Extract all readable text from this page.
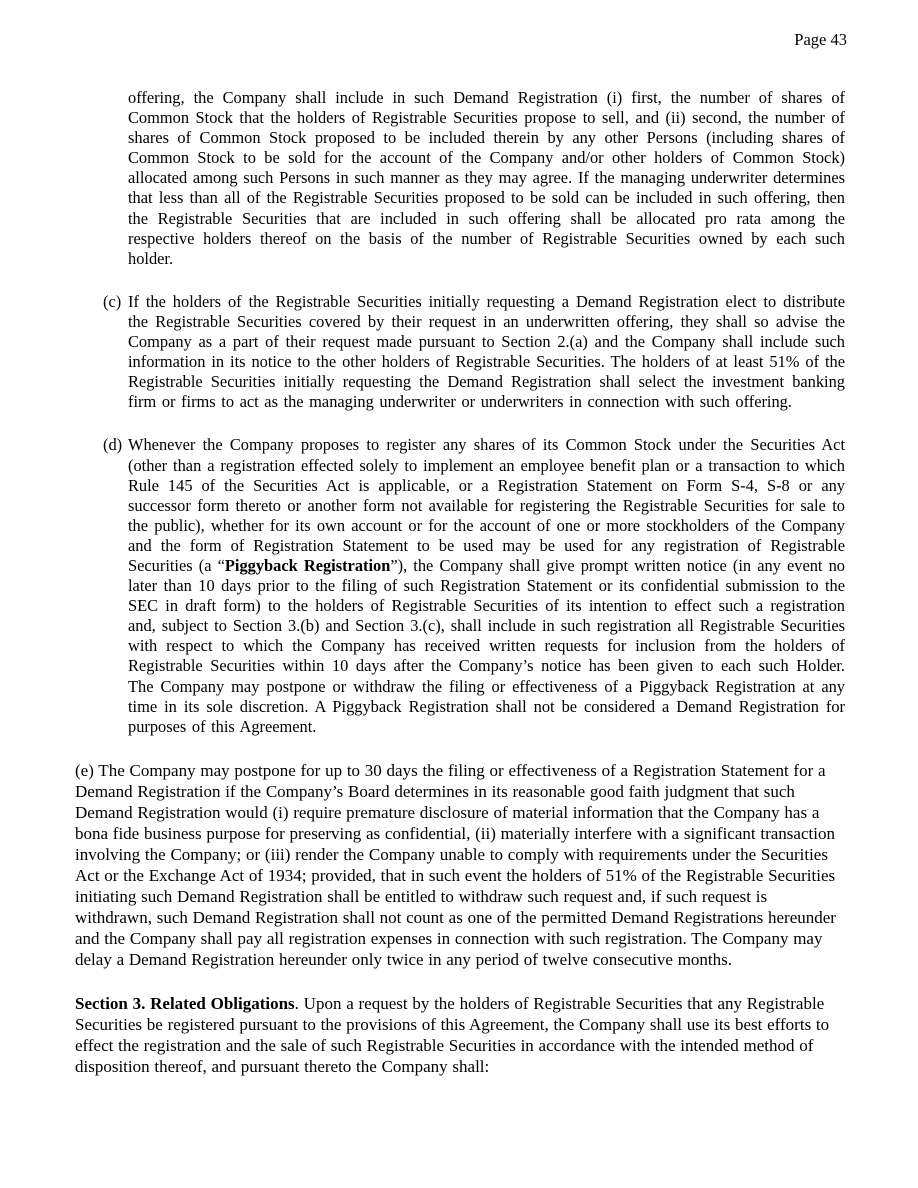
Page 43
offering, the Company shall include in such Demand Registration (i) first, the number of shares of Common Stock that the holders of Registrable Securities propose to sell, and (ii) second, the number of shares of Common Stock proposed to be included therein by any other Persons (including shares of Common Stock to be sold for the account of the Company and/or other holders of Common Stock) allocated among such Persons in such manner as they may agree. If the managing underwriter determines that less than all of the Registrable Securities proposed to be sold can be included in such offering, then the Registrable Securities that are included in such offering shall be allocated pro rata among the respective holders thereof on the basis of the number of Registrable Securities owned by each such holder.
(c) If the holders of the Registrable Securities initially requesting a Demand Registration elect to distribute the Registrable Securities covered by their request in an underwritten offering, they shall so advise the Company as a part of their request made pursuant to Section 2.(a) and the Company shall include such information in its notice to the other holders of Registrable Securities. The holders of at least 51% of the Registrable Securities initially requesting the Demand Registration shall select the investment banking firm or firms to act as the managing underwriter or underwriters in connection with such offering.
(d) Whenever the Company proposes to register any shares of its Common Stock under the Securities Act (other than a registration effected solely to implement an employee benefit plan or a transaction to which Rule 145 of the Securities Act is applicable, or a Registration Statement on Form S-4, S-8 or any successor form thereto or another form not available for registering the Registrable Securities for sale to the public), whether for its own account or for the account of one or more stockholders of the Company and the form of Registration Statement to be used may be used for any registration of Registrable Securities (a “Piggyback Registration”), the Company shall give prompt written notice (in any event no later than 10 days prior to the filing of such Registration Statement or its confidential submission to the SEC in draft form) to the holders of Registrable Securities of its intention to effect such a registration and, subject to Section 3.(b) and Section 3.(c), shall include in such registration all Registrable Securities with respect to which the Company has received written requests for inclusion from the holders of Registrable Securities within 10 days after the Company’s notice has been given to each such Holder. The Company may postpone or withdraw the filing or effectiveness of a Piggyback Registration at any time in its sole discretion. A Piggyback Registration shall not be considered a Demand Registration for purposes of this Agreement.
(e) The Company may postpone for up to 30 days the filing or effectiveness of a Registration Statement for a Demand Registration if the Company’s Board determines in its reasonable good faith judgment that such Demand Registration would (i) require premature disclosure of material information that the Company has a bona fide business purpose for preserving as confidential, (ii) materially interfere with a significant transaction involving the Company; or (iii) render the Company unable to comply with requirements under the Securities Act or the Exchange Act of 1934; provided, that in such event the holders of 51% of the Registrable Securities initiating such Demand Registration shall be entitled to withdraw such request and, if such request is withdrawn, such Demand Registration shall not count as one of the permitted Demand Registrations hereunder and the Company shall pay all registration expenses in connection with such registration. The Company may delay a Demand Registration hereunder only twice in any period of twelve consecutive months.
Section 3. Related Obligations. Upon a request by the holders of Registrable Securities that any Registrable Securities be registered pursuant to the provisions of this Agreement, the Company shall use its best efforts to effect the registration and the sale of such Registrable Securities in accordance with the intended method of disposition thereof, and pursuant thereto the Company shall:
